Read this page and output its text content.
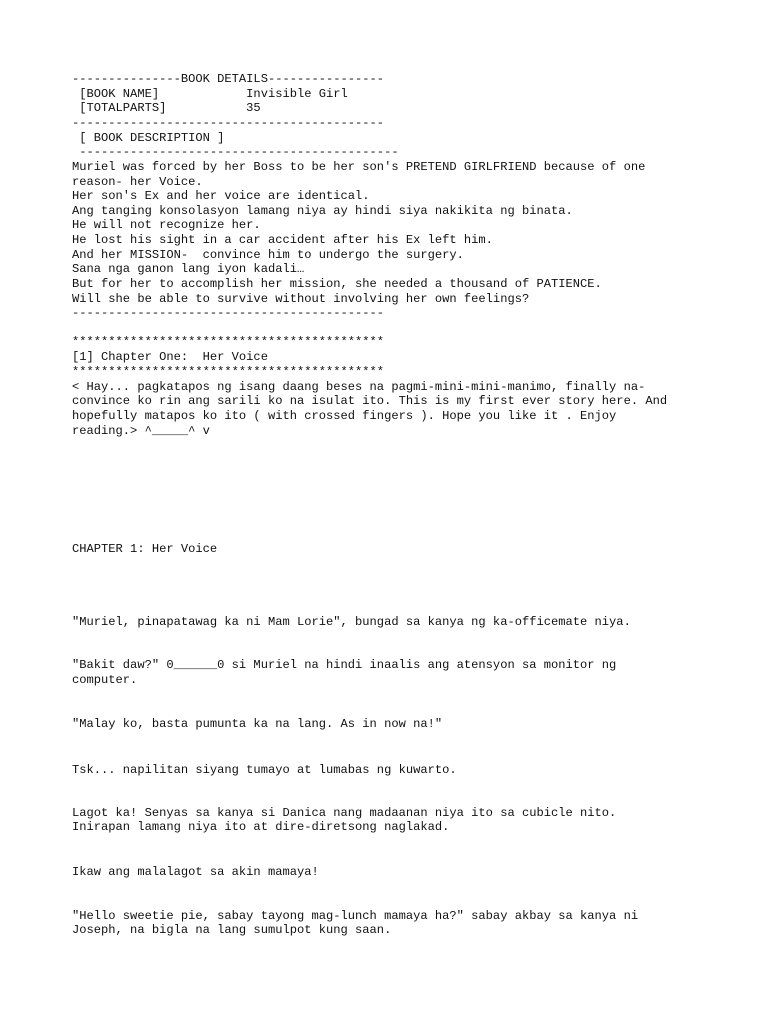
---------------BOOK DETAILS----------------

[BOOK NAME]            Invisible Girl

[TOTALPARTS]           35

-------------------------------------------

[ BOOK DESCRIPTION ]

--------------------------------------------

Muriel was forced by her Boss to be her son's PRETEND GIRLFRIEND because of one

reason- her Voice.

Her son's Ex and her voice are identical.

Ang tanging konsolasyon lamang niya ay hindi siya nakikita ng binata.

He will not recognize her.

He lost his sight in a car accident after his Ex left him.

And her MISSION-  convince him to undergo the surgery.

Sana nga ganon lang iyon kadali…

But for her to accomplish her mission, she needed a thousand of PATIENCE.

Will she be able to survive without involving her own feelings?

-------------------------------------------

*******************************************

[1] Chapter One:  Her Voice

*******************************************

< Hay... pagkatapos ng isang daang beses na pagmi-mini-mini-manimo, finally na-

convince ko rin ang sarili ko na isulat ito. This is my first ever story here. And

hopefully matapos ko ito ( with crossed fingers ). Hope you like it . Enjoy

reading.> ^_____^ v

CHAPTER 1: Her Voice

"Muriel, pinapatawag ka ni Mam Lorie", bungad sa kanya ng ka-officemate niya.

"Bakit daw?" 0______0 si Muriel na hindi inaalis ang atensyon sa monitor ng

computer.

"Malay ko, basta pumunta ka na lang. As in now na!"

Tsk... napilitan siyang tumayo at lumabas ng kuwarto.

Lagot ka! Senyas sa kanya si Danica nang madaanan niya ito sa cubicle nito.

Inirapan lamang niya ito at dire-diretsong naglakad.

Ikaw ang malalagot sa akin mamaya!

"Hello sweetie pie, sabay tayong mag-lunch mamaya ha?" sabay akbay sa kanya ni

Joseph, na bigla na lang sumulpot kung saan.
